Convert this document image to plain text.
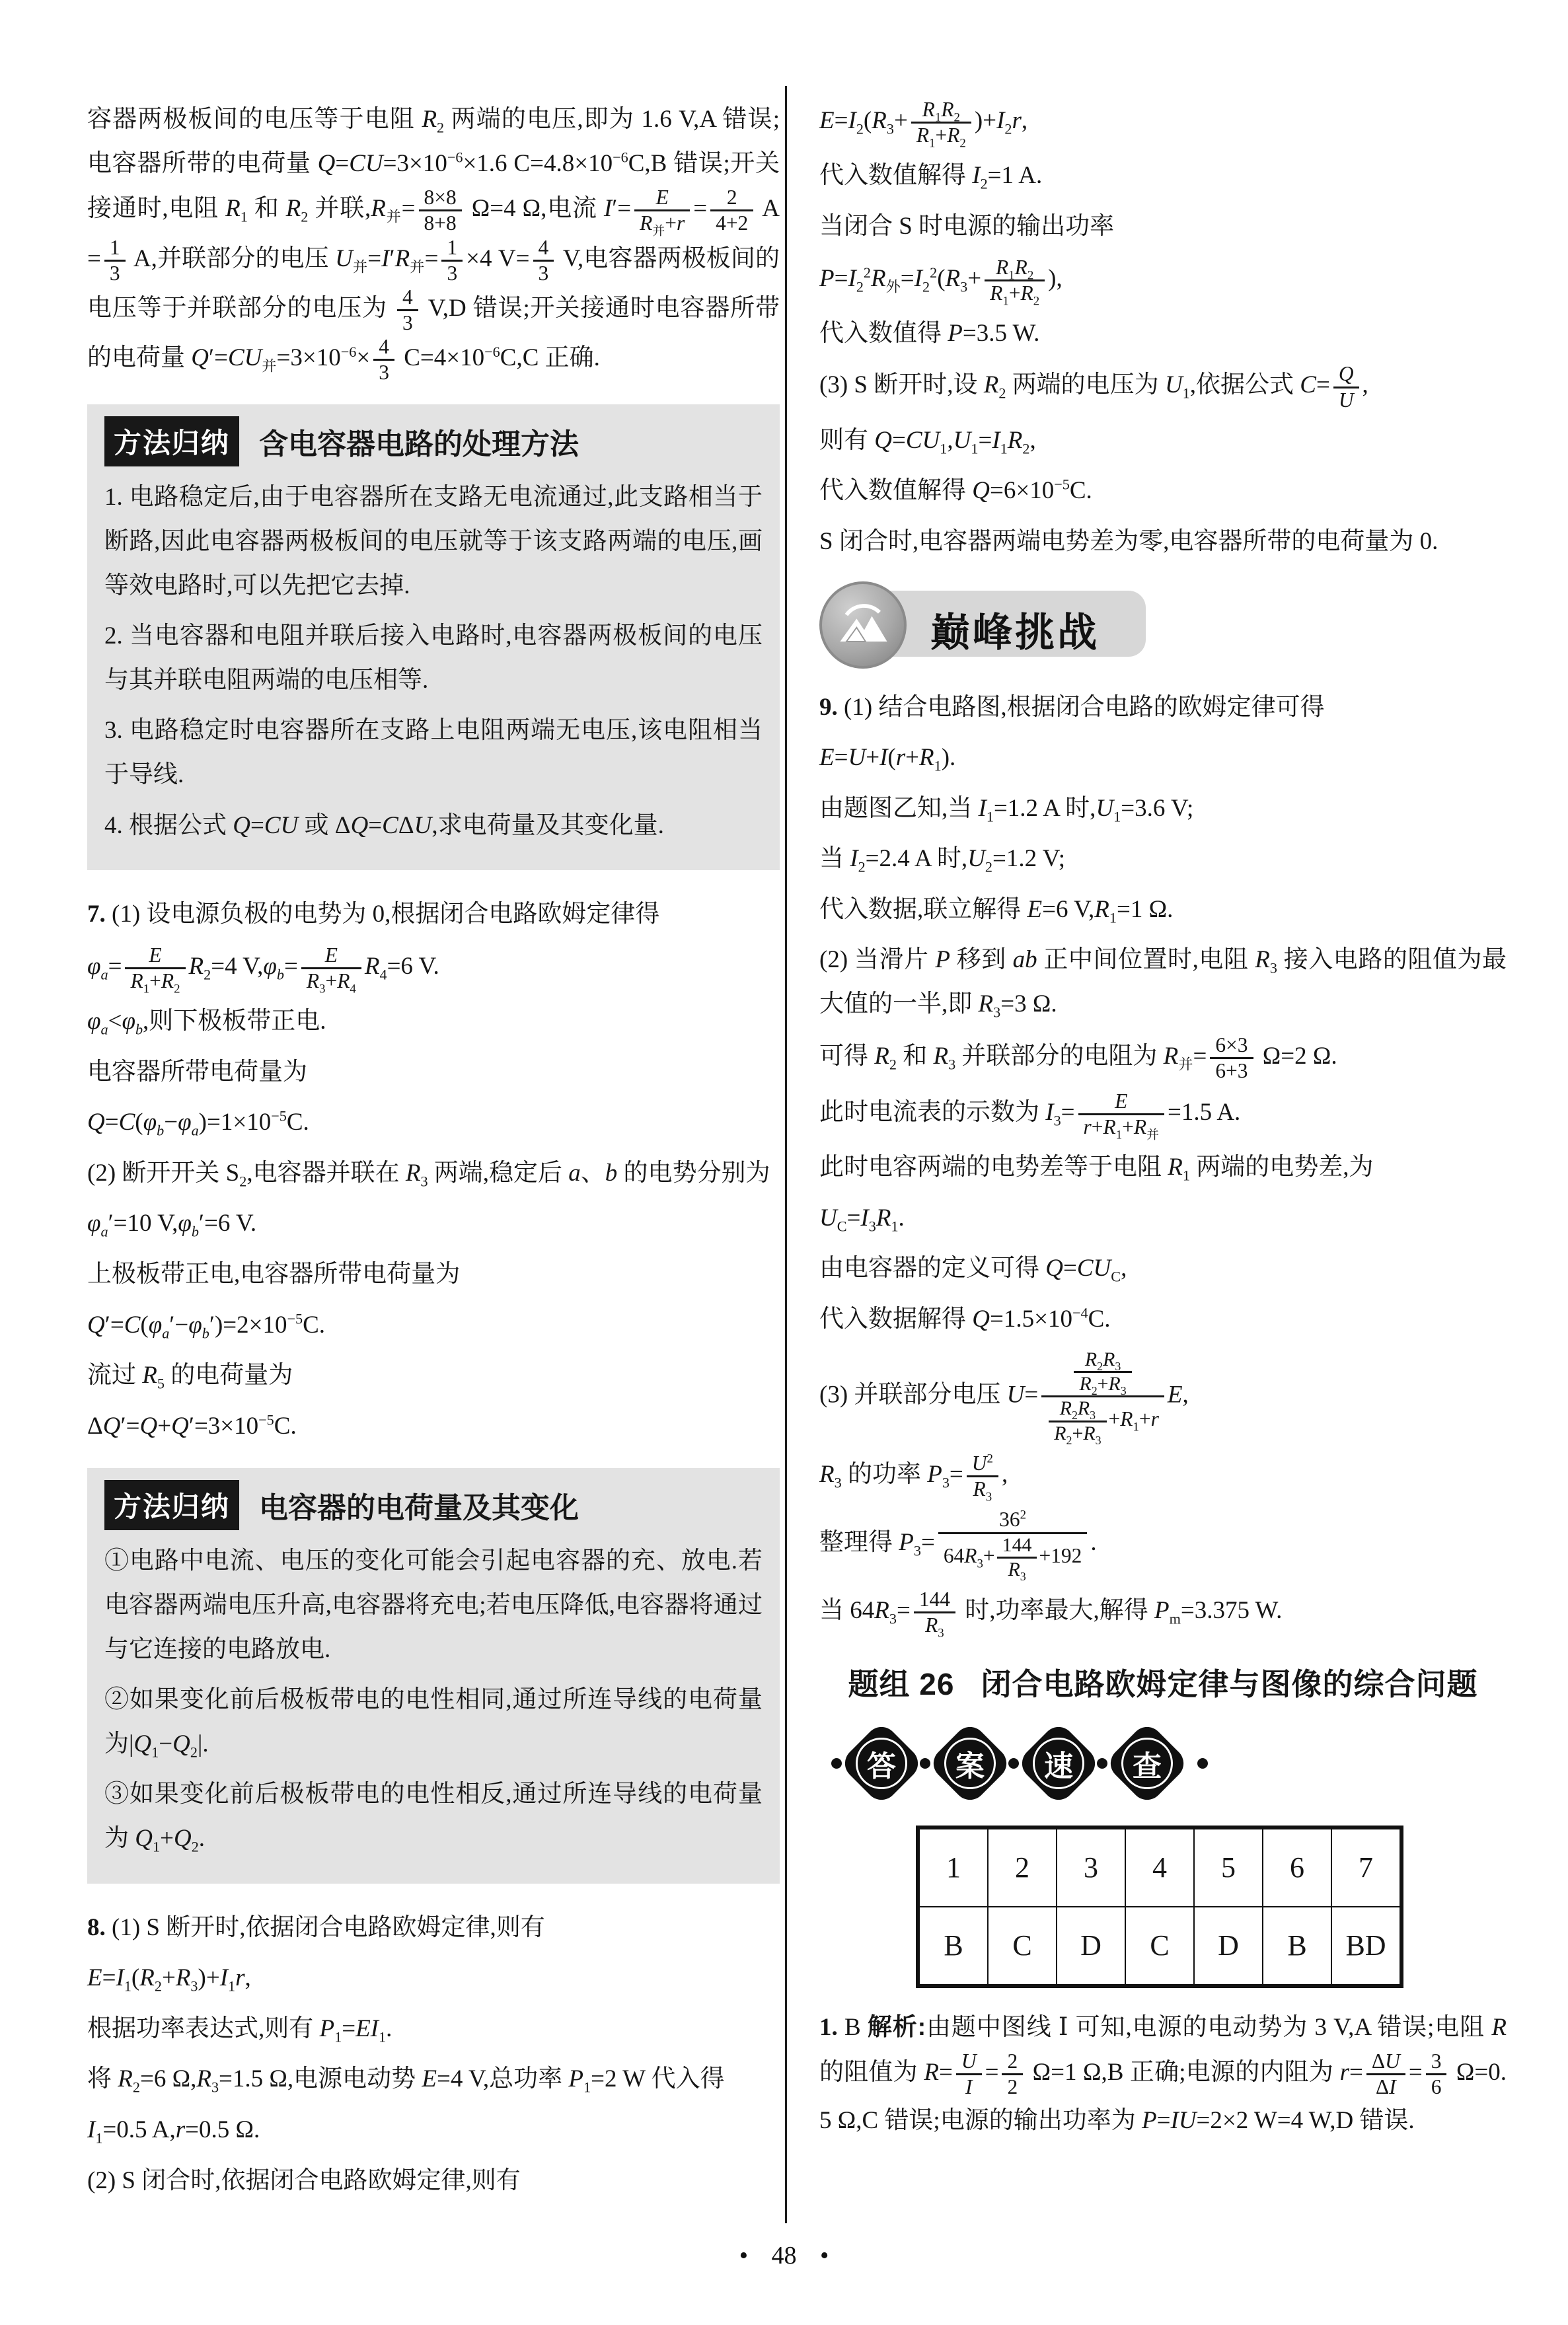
容器两极板间的电压等于电阻 $R_2$ 两端的电压,即为 1.6 V,A 错误;电容器所带的电荷量 $Q=CU=3\times 10^{-6}\times 1.6$ $C=4.8\times 10^{-6}C,B$ 错误;开关接通时,电阻 $R_1$ 和 $R_2$ 并联$,R_并= \frac{8\times 8}{8+8} \Omega=4$ Ω,电流 $I'= \frac{E}{R_并+r} = \frac{2}{4+2} A= \frac{1}{3} A$,并联部分的电压 $U_并=I'R_并= \frac{1}{3} \times 4$ $V= \frac{4}{3} V$,电容器两极板间的电压等于并联部分的电压为 $\frac{4}{3} V,D$ 错误;开关接通时电容器所带的电荷量 $Q'=CU_并=3\times 10^{-6}\times \frac{4}{3} C=4\times 10^{-6}C,C$ 正确.

方法归纳	含电容器电路的处理方法

1. 电路稳定后,由于电容器所在支路无电流通过,此支路相当于断路,因此电容器两极板间的电压就等于该支路两端的电压,画等效电路时,可以先把它去掉.

2. 当电容器和电阻并联后接入电路时,电容器两极板间的电压与其并联电阻两端的电压相等.

3. 电路稳定时电容器所在支路上电阻两端无电压,该电阻相当于导线.

4. 根据公式 Q=CU 或 ΔQ=CΔU,求电荷量及其变化量.

7. (1) 设电源负极的电势为 0,根据闭合电路欧姆定律得

$\varphi_a= \frac{E}{R_1+R_2} R_2=4$ $V,\varphi_b= \frac{E}{R_3+R_4} R_4=6$ V.

$\varphi_a<\varphi_b$,则下极板带正电.

电容器所带电荷量为

$Q=C(\varphi_b-\varphi_a)=1\times 10^{-5}C$.

(2) 断开开关 $S_2$,电容器并联在 $R_3$ 两端,稳定后 a、b 的电势分别为

$\varphi_a'=10$ $V,\varphi_b'=6$ V.

上极板带正电,电容器所带电荷量为

$Q'=C(\varphi_a'-\varphi_b')=2\times 10^{-5}C$.

流过 $R_5$ 的电荷量为

$\Delta Q'=Q+Q'=3\times 10^{-5}C$.

方法归纳	电容器的电荷量及其变化

①电路中电流、电压的变化可能会引起电容器的充、放电.若电容器两端电压升高,电容器将充电;若电压降低,电容器将通过与它连接的电路放电.

②如果变化前后极板带电的电性相同,通过所连导线的电荷量为$|Q_1-Q_2|$.

③如果变化前后极板带电的电性相反,通过所连导线的电荷量为 $Q_1+Q_2$.

8. (1) S 断开时,依据闭合电路欧姆定律,则有

$E=I_1(R_2+R_3)+I_1r$,

根据功率表达式,则有 $P_1=EI_1$.

将 $R_2=6$ $\Omega,R_3=1.5$ Ω,电源电动势 E=4 V,总功率 $P_1=2$ W 代入得

$I_1=0.5$ A,r=0.5 Ω.

(2) S 闭合时,依据闭合电路欧姆定律,则有

$E=I_2(R_3+ \frac{R_1R_2}{R_1+R_2} )+I_2r$,

代入数值解得 $I_2=1$ A.

当闭合 S 时电源的输出功率

$P=I_2^2R_外=I_2^2(R_3+ \frac{R_1R_2}{R_1+R_2}$ ),

代入数值得 P=3.5 W.

(3) S 断开时,设 $R_2$ 两端的电压为 $U_1$,依据公式 $C= \frac{Q}{U}$ ,

则有 $Q=CU_1,U_1=I_1R_2$,

代入数值解得 $Q=6\times 10^{-5}C$.

S 闭合时,电容器两端电势差为零,电容器所带的电荷量为 0.

巅峰挑战

9. (1) 结合电路图,根据闭合电路的欧姆定律可得

$E=U+I(r+R_1)$.

由题图乙知,当 $I_1=1.2$ A 时$,U_1=3.6$ V;

当 $I_2=2.4$ A 时$,U_2=1.2$ V;

代入数据,联立解得 E=6 $V,R_1=1$ Ω.

(2) 当滑片 P 移到 ab 正中间位置时,电阻 $R_3$ 接入电路的阻值为最大值的一半,即 $R_3=3$ Ω.

可得 $R_2$ 和 $R_3$ 并联部分的电阻为 $R_并= \frac{6\times 3}{6+3} \Omega=2$ Ω.

此时电流表的示数为 $I_3= \frac{E}{r+R_1+R_并} =1.5$ A.

此时电容两端的电势差等于电阻 $R_1$ 两端的电势差,为

$U_C=I_3R_1$.

由电容器的定义可得 $Q=CU_C$,

代入数据解得 $Q=1.5\times 10^{-4}C$.

(3) 并联部分电压 $U= \frac{\frac{R_2R_3}{R_2+R_3}}{\frac{R_2R_3}{R_2+R_3} +R_1+r} E$,

$R_3$ 的功率 $P_3= \frac{U^2}{R_3}$ ,

整理得 $P_3= \frac{36^2}{64R_3+ \frac{144}{R_3} +192}$ .

当 $64R_3= \frac{144}{R_3}$ 时,功率最大,解得 $P_m=3.375$ W.

题组 26 闭合电路欧姆定律与图像的综合问题
答	案	速	查
1	2	3	4	5	6	7
B	C	D	C	D	B	BD

1. B 解析:由题中图线 Ⅰ 可知,电源的电动势为 3 V,A 错误;电阻 R 的阻值为 $R= \frac{U}{I} = \frac{2}{2} \Omega=1$ Ω,B 正确;电源的内阻为 $r= \frac{\Delta U}{\Delta I} = \frac{3}{6} \Omega=0.5$ Ω,C 错误;电源的输出功率为 P=IU=2×2 W=4 W,D 错误.

• 48 •
